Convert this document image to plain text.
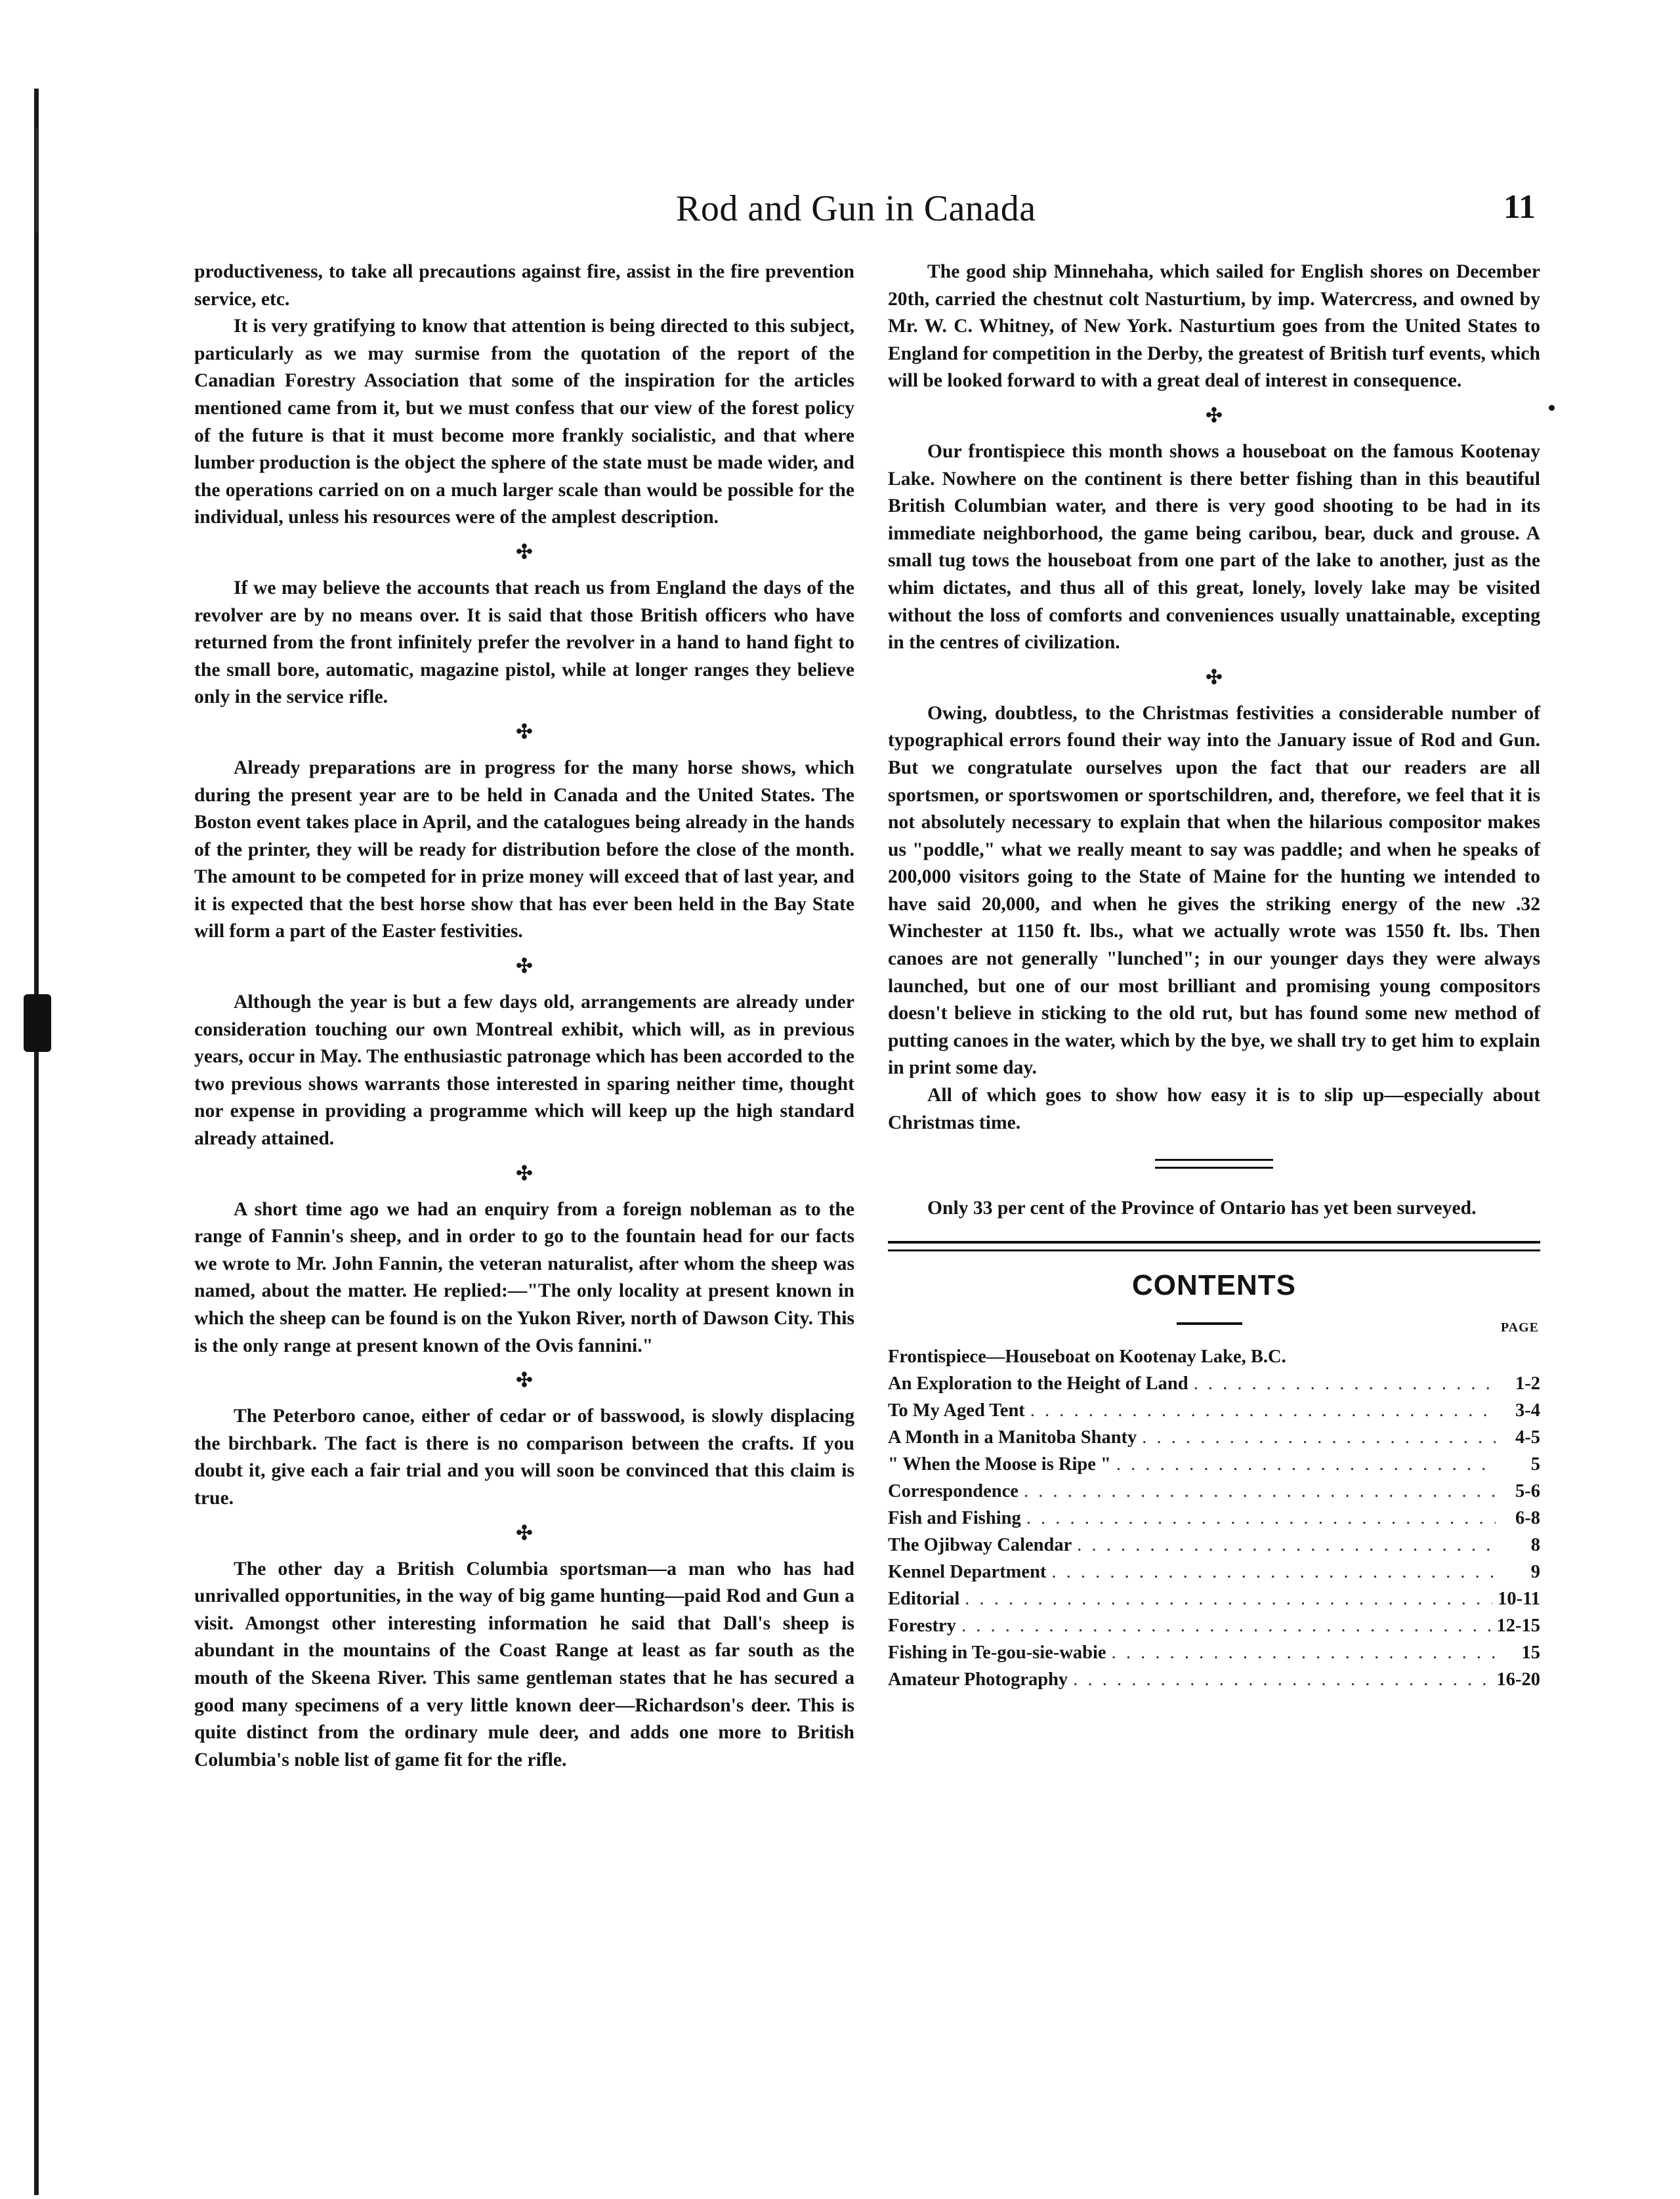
Rod and Gun in Canada	11

productiveness, to take all precautions against fire, assist in the fire prevention service, etc.

It is very gratifying to know that attention is being directed to this subject, particularly as we may surmise from the quotation of the report of the Canadian Forestry Association that some of the inspiration for the articles mentioned came from it, but we must confess that our view of the forest policy of the future is that it must become more frankly socialistic, and that where lumber production is the object the sphere of the state must be made wider, and the operations carried on on a much larger scale than would be possible for the individual, unless his resources were of the amplest description.

✣

If we may believe the accounts that reach us from England the days of the revolver are by no means over. It is said that those British officers who have returned from the front infinitely prefer the revolver in a hand to hand fight to the small bore, automatic, magazine pistol, while at longer ranges they believe only in the service rifle.

✣

Already preparations are in progress for the many horse shows, which during the present year are to be held in Canada and the United States. The Boston event takes place in April, and the catalogues being already in the hands of the printer, they will be ready for distribution before the close of the month. The amount to be competed for in prize money will exceed that of last year, and it is expected that the best horse show that has ever been held in the Bay State will form a part of the Easter festivities.

✣

Although the year is but a few days old, arrangements are already under consideration touching our own Montreal exhibit, which will, as in previous years, occur in May. The enthusiastic patronage which has been accorded to the two previous shows warrants those interested in sparing neither time, thought nor expense in providing a programme which will keep up the high standard already attained.

✣

A short time ago we had an enquiry from a foreign nobleman as to the range of Fannin's sheep, and in order to go to the fountain head for our facts we wrote to Mr. John Fannin, the veteran naturalist, after whom the sheep was named, about the matter. He replied:—"The only locality at present known in which the sheep can be found is on the Yukon River, north of Dawson City. This is the only range at present known of the Ovis fannini."

✣

The Peterboro canoe, either of cedar or of basswood, is slowly displacing the birchbark. The fact is there is no comparison between the crafts. If you doubt it, give each a fair trial and you will soon be convinced that this claim is true.

✣

The other day a British Columbia sportsman—a man who has had unrivalled opportunities, in the way of big game hunting—paid Rod and Gun a visit. Amongst other interesting information he said that Dall's sheep is abundant in the mountains of the Coast Range at least as far south as the mouth of the Skeena River. This same gentleman states that he has secured a good many specimens of a very little known deer—Richardson's deer. This is quite distinct from the ordinary mule deer, and adds one more to British Columbia's noble list of game fit for the rifle.

The good ship Minnehaha, which sailed for English shores on December 20th, carried the chestnut colt Nasturtium, by imp. Watercress, and owned by Mr. W. C. Whitney, of New York. Nasturtium goes from the United States to England for competition in the Derby, the greatest of British turf events, which will be looked forward to with a great deal of interest in consequence.

✣

Our frontispiece this month shows a houseboat on the famous Kootenay Lake. Nowhere on the continent is there better fishing than in this beautiful British Columbian water, and there is very good shooting to be had in its immediate neighborhood, the game being caribou, bear, duck and grouse. A small tug tows the houseboat from one part of the lake to another, just as the whim dictates, and thus all of this great, lonely, lovely lake may be visited without the loss of comforts and conveniences usually unattainable, excepting in the centres of civilization.

✣

Owing, doubtless, to the Christmas festivities a considerable number of typographical errors found their way into the January issue of Rod and Gun. But we congratulate ourselves upon the fact that our readers are all sportsmen, or sportswomen or sportschildren, and, therefore, we feel that it is not absolutely necessary to explain that when the hilarious compositor makes us "poddle," what we really meant to say was paddle; and when he speaks of 200,000 visitors going to the State of Maine for the hunting we intended to have said 20,000, and when he gives the striking energy of the new .32 Winchester at 1150 ft. lbs., what we actually wrote was 1550 ft. lbs. Then canoes are not generally "lunched"; in our younger days they were always launched, but one of our most brilliant and promising young compositors doesn't believe in sticking to the old rut, but has found some new method of putting canoes in the water, which by the bye, we shall try to get him to explain in print some day.

All of which goes to show how easy it is to slip up—especially about Christmas time.

Only 33 per cent of the Province of Ontario has yet been surveyed.

CONTENTS
PAGE
Frontispiece—Houseboat on Kootenay Lake, B.C.
An Exploration to the Height of Land . . .	1-2
To My Aged Tent . . .	3-4
A Month in a Manitoba Shanty . . .	4-5
" When the Moose is Ripe " . . .	5
Correspondence . . .	5-6
Fish and Fishing . . .	6-8
The Ojibway Calendar . . .	8
Kennel Department . . .	9
Editorial . . .	10-11
Forestry . . .	12-15
Fishing in Te-gou-sie-wabie . . .	15
Amateur Photography . . .	16-20
